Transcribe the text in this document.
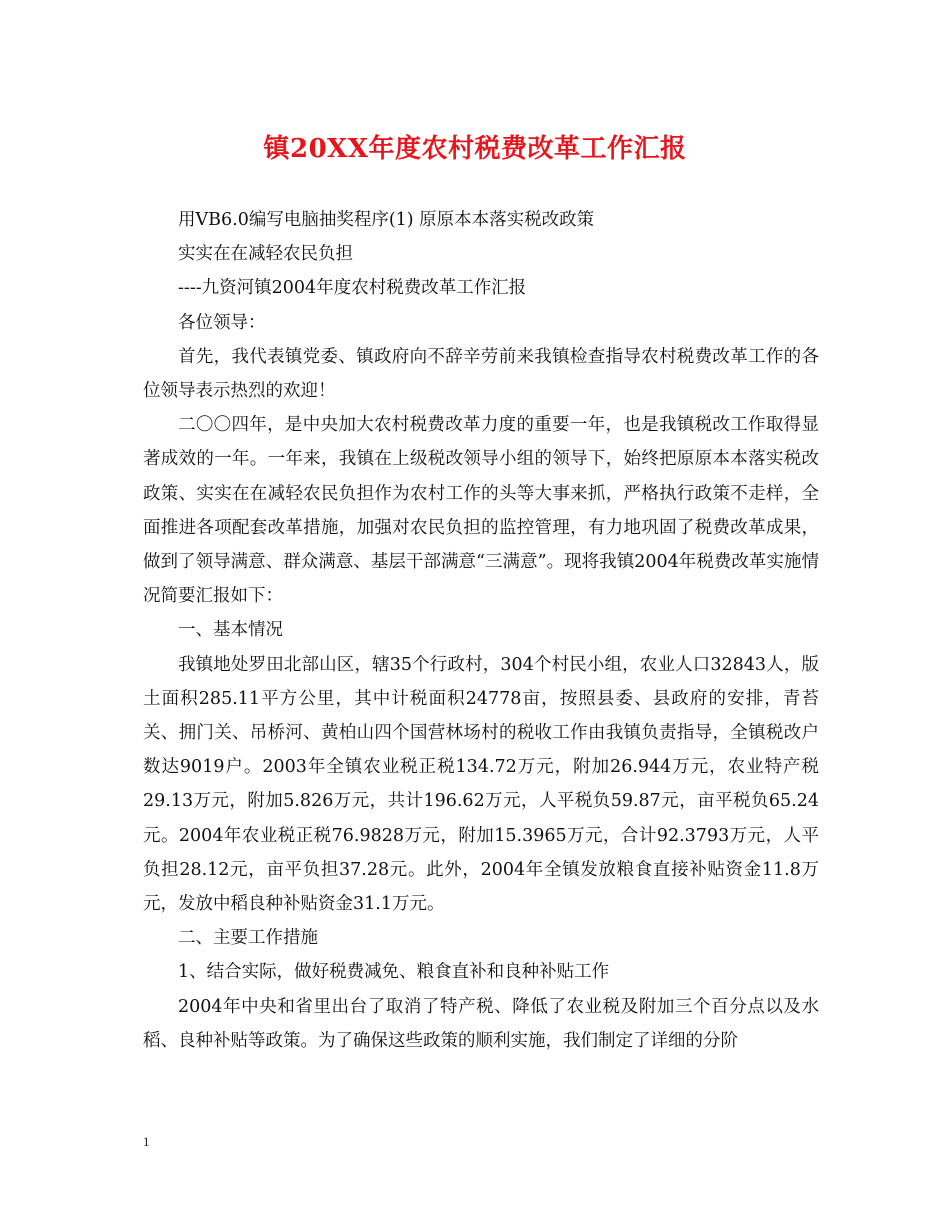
镇20XX年度农村税费改革工作汇报

用VB6.0编写电脑抽奖程序(1) 原原本本落实税改政策

实实在在减轻农民负担

----九资河镇2004年度农村税费改革工作汇报

各位领导：

首先，我代表镇党委、镇政府向不辞辛劳前来我镇检查指导农村税费改革工作的各位领导表示热烈的欢迎！

二〇〇四年，是中央加大农村税费改革力度的重要一年，也是我镇税改工作取得显著成效的一年。一年来，我镇在上级税改领导小组的领导下，始终把原原本本落实税改政策、实实在在减轻农民负担作为农村工作的头等大事来抓，严格执行政策不走样，全面推进各项配套改革措施，加强对农民负担的监控管理，有力地巩固了税费改革成果，做到了领导满意、群众满意、基层干部满意“三满意”。现将我镇2004年税费改革实施情况简要汇报如下：

一、基本情况

我镇地处罗田北部山区，辖35个行政村，304个村民小组，农业人口32843人，版土面积285.11平方公里，其中计税面积24778亩，按照县委、县政府的安排，青苔关、拥门关、吊桥河、黄柏山四个国营林场村的税收工作由我镇负责指导，全镇税改户数达9019户。2003年全镇农业税正税134.72万元，附加26.944万元，农业特产税29.13万元，附加5.826万元，共计196.62万元，人平税负59.87元，亩平税负65.24元。2004年农业税正税76.9828万元，附加15.3965万元，合计92.3793万元，人平负担28.12元，亩平负担37.28元。此外，2004年全镇发放粮食直接补贴资金11.8万元，发放中稻良种补贴资金31.1万元。

二、主要工作措施

1、结合实际，做好税费减免、粮食直补和良种补贴工作

2004年中央和省里出台了取消了特产税、降低了农业税及附加三个百分点以及水稻、良种补贴等政策。为了确保这些政策的顺利实施，我们制定了详细的分阶

1
